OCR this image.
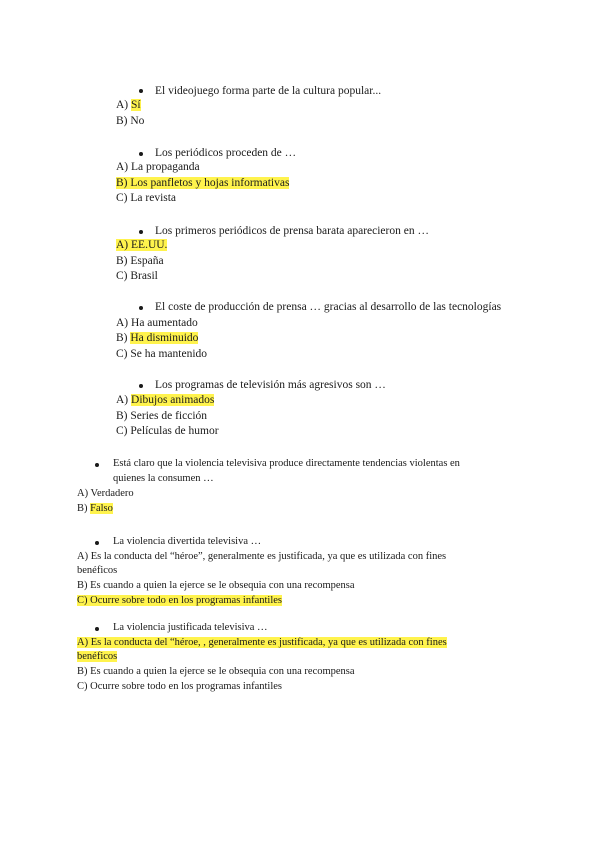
El videojuego forma parte de la cultura popular...
A) Sí
B) No
Los periódicos proceden de …
A) La propaganda
B) Los panfletos y hojas informativas
C) La revista
Los primeros periódicos de prensa barata aparecieron en …
A) EE.UU.
B) España
C) Brasil
El coste de producción de prensa … gracias al desarrollo de las tecnologías
A) Ha aumentado
B) Ha disminuido
C) Se ha mantenido
Los programas de televisión más agresivos son …
A) Dibujos animados
B) Series de ficción
C) Películas de humor
Está claro que la violencia televisiva produce directamente tendencias violentas en
quienes la consumen …
A) Verdadero
B) Falso
La violencia divertida televisiva …
A) Es la conducta del “héroe”, generalmente es justificada, ya que es utilizada con fines
benéficos
B) Es cuando a quien la ejerce se le obsequia con una recompensa
C) Ocurre sobre todo en los programas infantiles
La violencia justificada televisiva …
A) Es la conducta del “héroe, , generalmente es justificada, ya que es utilizada con fines
benéficos
B) Es cuando a quien la ejerce se le obsequia con una recompensa
C) Ocurre sobre todo en los programas infantiles
